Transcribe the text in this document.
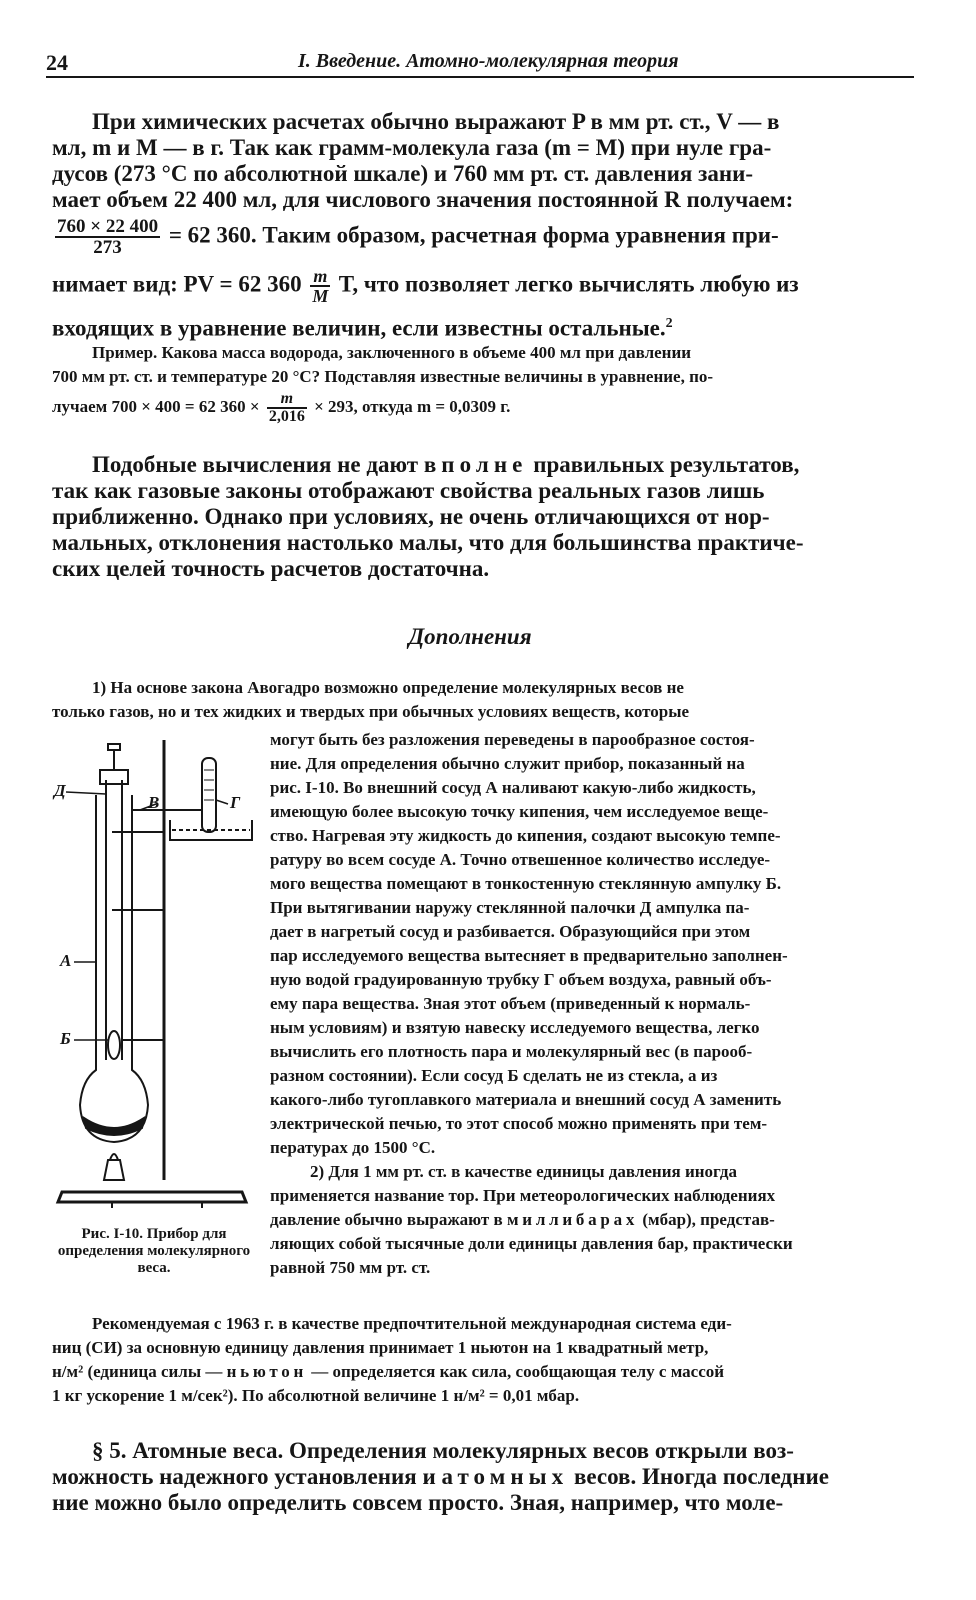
24	I. Введение. Атомно-молекулярная теория
При химических расчетах обычно выражают P в мм рт. ст., V — в
мл, m и M — в г. Так как грамм-молекула газа (m = M) при нуле гра-
дусов (273 °С по абсолютной шкале) и 760 мм рт. ст. давления зани-
мает объем 22 400 мл, для числового значения постоянной R получаем:
$\frac{760 \times 22 400}{273} = 62$ 360. Таким образом, расчетная форма уравнения при-
нимает вид: PV = 62 $360 \frac{m}{M} T$, что позволяет легко вычислять любую из
входящих в уравнение величин, если известны остальные.$^2$
Пример. Какова масса водорода, заключенного в объеме 400 мл при давлении
700 мм рт. ст. и температуре 20 °С? Подставляя известные величины в уравнение, по-
лучаем 700 × 400 = 62 $360 \times \frac{m}{2,016} \times 293$, откуда m = 0,0309 г.
Подобные вычисления не дают вполне правильных результатов,
так как газовые законы отображают свойства реальных газов лишь
приближенно. Однако при условиях, не очень отличающихся от нор-
мальных, отклонения настолько малы, что для большинства практиче-
ских целей точность расчетов достаточна.
Дополнения
1) На основе закона Авогадро возможно определение молекулярных весов не
только газов, но и тех жидких и твердых при обычных условиях веществ, которые
Д
В	Г
А
Б
Рис. I-10. Прибор для определения молекулярного веса.
могут быть без разложения переведены в парообразное состоя-
ние. Для определения обычно служит прибор, показанный на
рис. I-10. Во внешний сосуд А наливают какую-либо жидкость,
имеющую более высокую точку кипения, чем исследуемое веще-
ство. Нагревая эту жидкость до кипения, создают высокую темпе-
ратуру во всем сосуде А. Точно отвешенное количество исследуе-
мого вещества помещают в тонкостенную стеклянную ампулку Б.
При вытягивании наружу стеклянной палочки Д ампулка па-
дает в нагретый сосуд и разбивается. Образующийся при этом
пар исследуемого вещества вытесняет в предварительно заполнен-
ную водой градуированную трубку Г объем воздуха, равный объ-
ему пара вещества. Зная этот объем (приведенный к нормаль-
ным условиям) и взятую навеску исследуемого вещества, легко
вычислить его плотность пара и молекулярный вес (в парооб-
разном состоянии). Если сосуд Б сделать не из стекла, а из
какого-либо тугоплавкого материала и внешний сосуд А заменить
электрической печью, то этот способ можно применять при тем-
пературах до 1500 °С.
2) Для 1 мм рт. ст. в качестве единицы давления иногда
применяется название тор. При метеорологических наблюдениях
давление обычно выражают в миллибарах (мбар), представ-
ляющих собой тысячные доли единицы давления бар, практически
равной 750 мм рт. ст.
Рекомендуемая с 1963 г. в качестве предпочтительной международная система еди-
ниц (СИ) за основную единицу давления принимает 1 ньютон на 1 квадратный метр,
н/м² (единица силы — ньютон — определяется как сила, сообщающая телу с массой
1 кг ускорение 1 м/сек²). По абсолютной величине 1 н/м² = 0,01 мбар.
§ 5. Атомные веса. Определения молекулярных весов открыли воз-
можность надежного установления и атомных весов. Иногда последние
ние можно было определить совсем просто. Зная, например, что моле-
